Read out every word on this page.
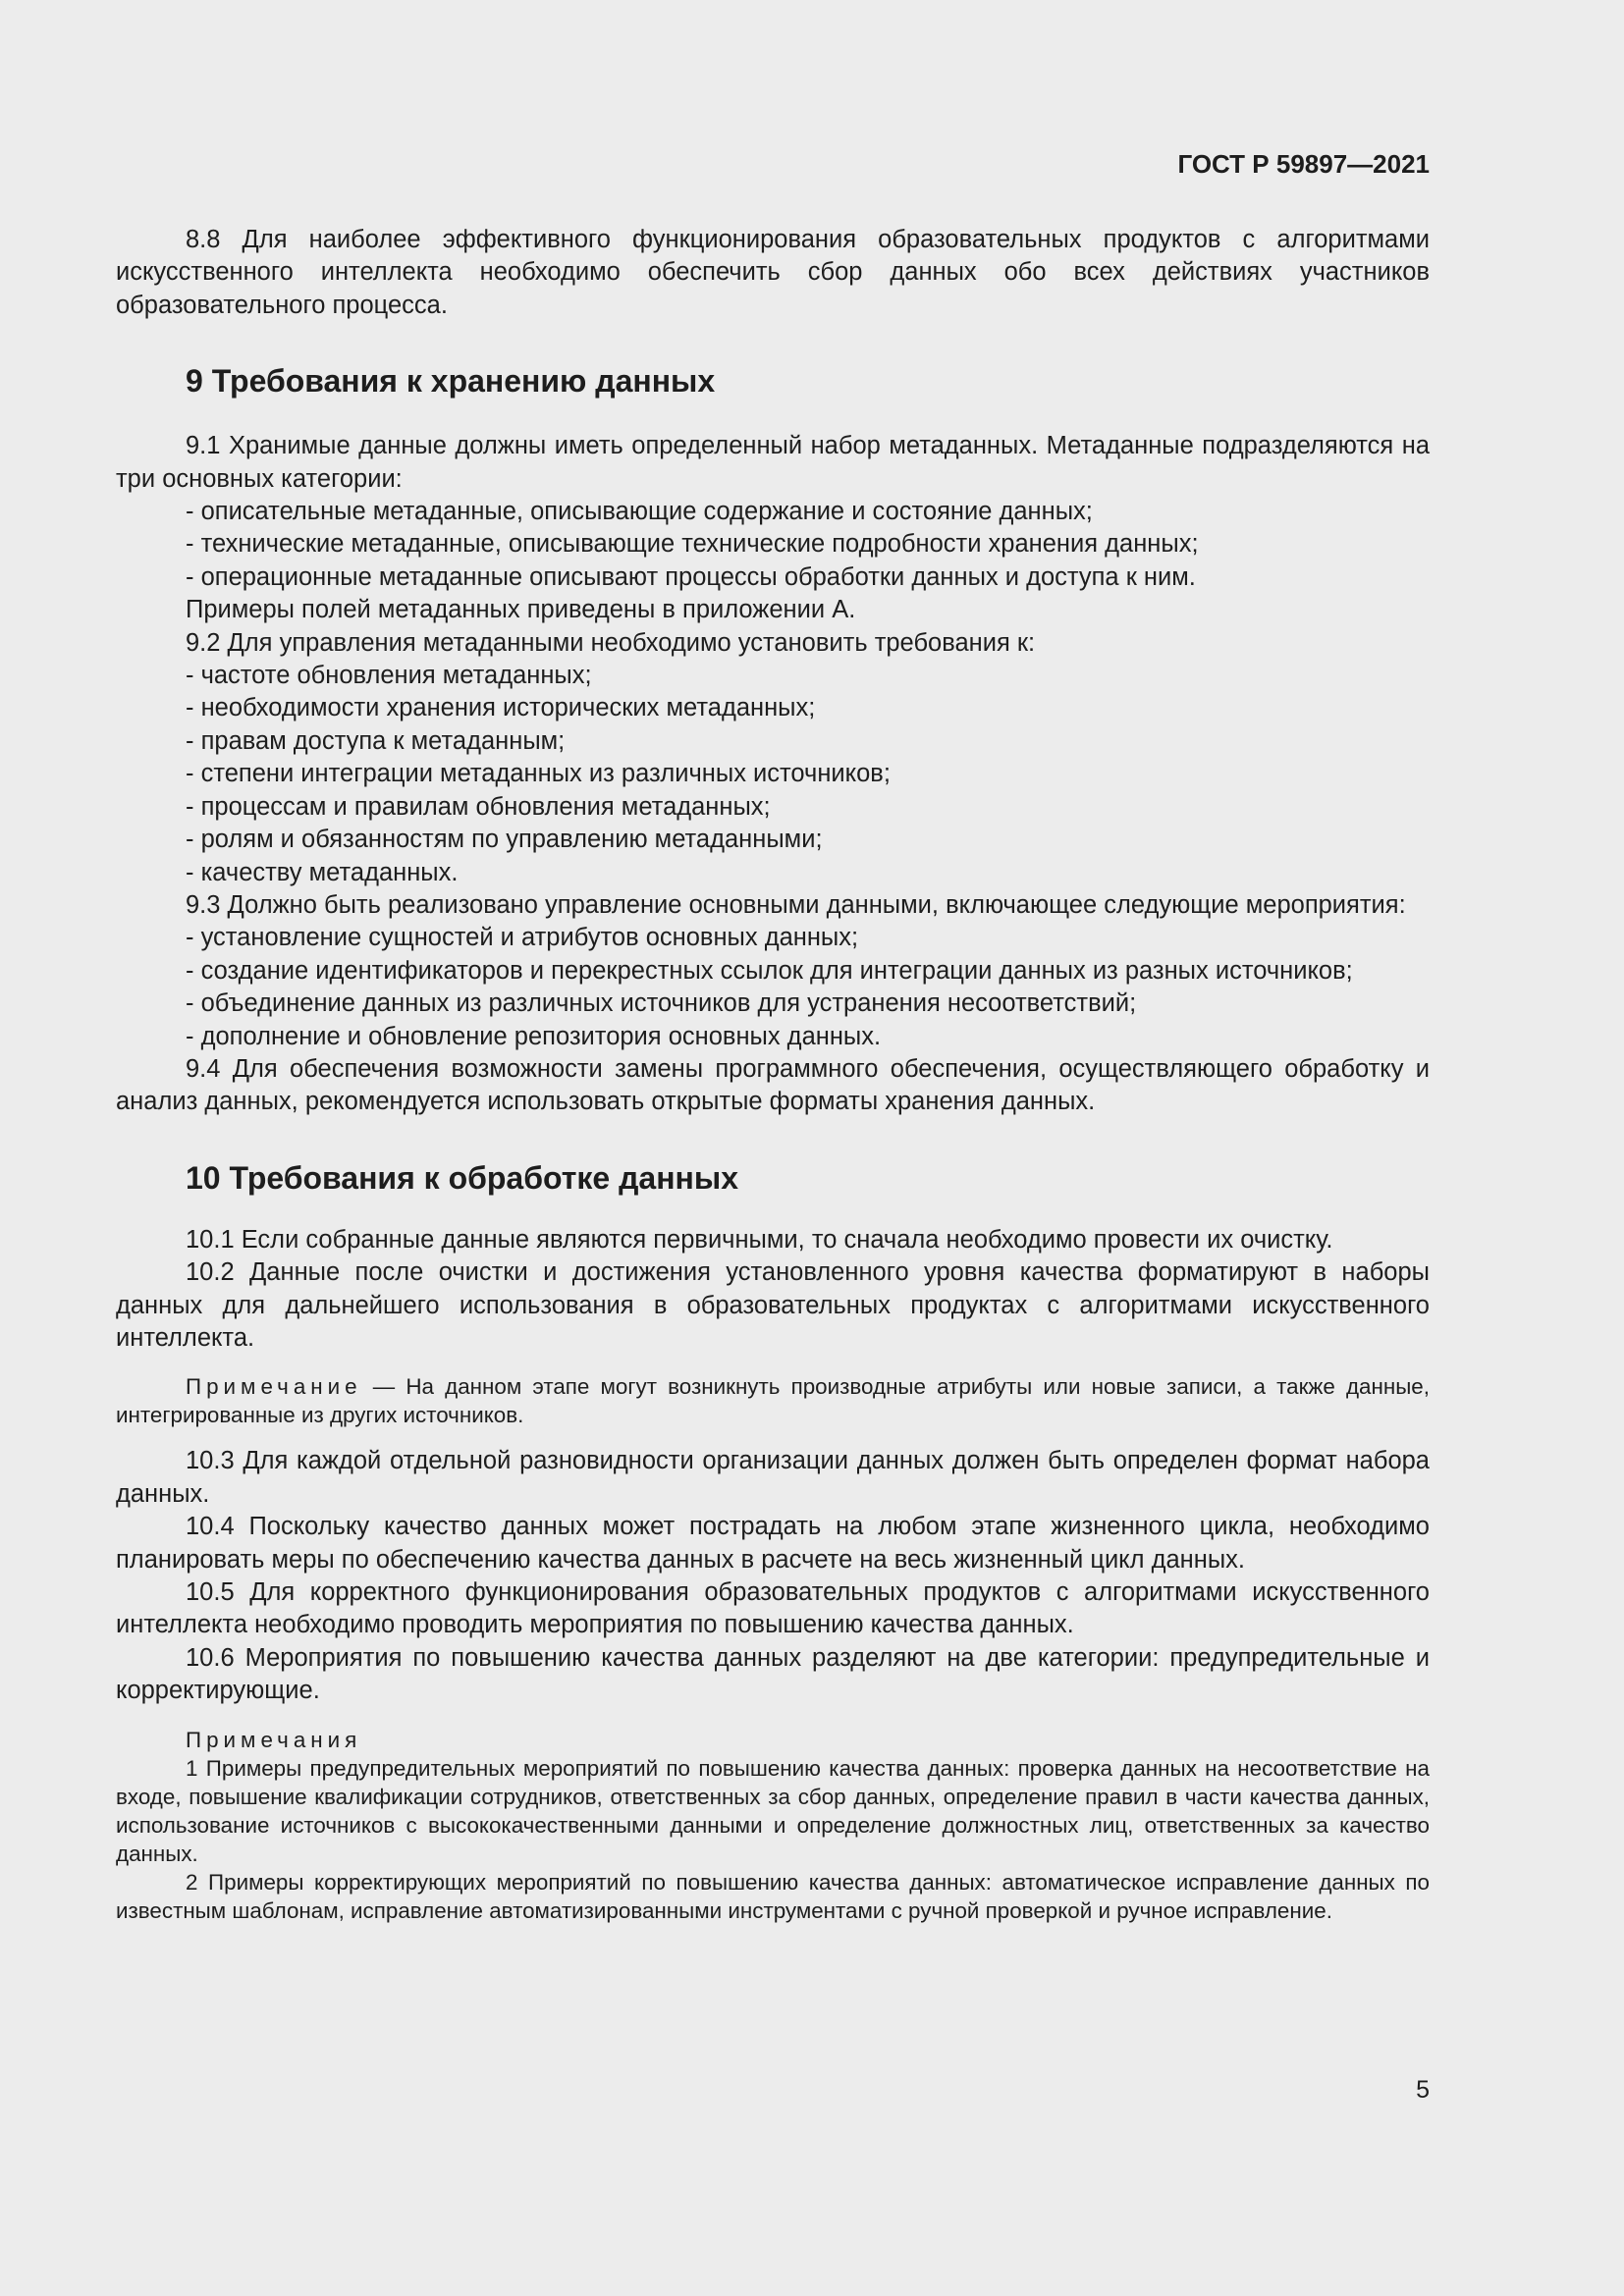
ГОСТ Р 59897—2021

8.8 Для наиболее эффективного функционирования образовательных продуктов с алгоритмами искусственного интеллекта необходимо обеспечить сбор данных обо всех действиях участников образовательного процесса.

9 Требования к хранению данных

9.1 Хранимые данные должны иметь определенный набор метаданных. Метаданные подразделяются на три основных категории:

- описательные метаданные, описывающие содержание и состояние данных;

- технические метаданные, описывающие технические подробности хранения данных;

- операционные метаданные описывают процессы обработки данных и доступа к ним.

Примеры полей метаданных приведены в приложении А.

9.2 Для управления метаданными необходимо установить требования к:

- частоте обновления метаданных;

- необходимости хранения исторических метаданных;

- правам доступа к метаданным;

- степени интеграции метаданных из различных источников;

- процессам и правилам обновления метаданных;

- ролям и обязанностям по управлению метаданными;

- качеству метаданных.

9.3 Должно быть реализовано управление основными данными, включающее следующие мероприятия:

- установление сущностей и атрибутов основных данных;

- создание идентификаторов и перекрестных ссылок для интеграции данных из разных источников;

- объединение данных из различных источников для устранения несоответствий;

- дополнение и обновление репозитория основных данных.

9.4 Для обеспечения возможности замены программного обеспечения, осуществляющего обработку и анализ данных, рекомендуется использовать открытые форматы хранения данных.

10 Требования к обработке данных

10.1 Если собранные данные являются первичными, то сначала необходимо провести их очистку.

10.2 Данные после очистки и достижения установленного уровня качества форматируют в наборы данных для дальнейшего использования в образовательных продуктах с алгоритмами искусственного интеллекта.

Примечание — На данном этапе могут возникнуть производные атрибуты или новые записи, а также данные, интегрированные из других источников.

10.3 Для каждой отдельной разновидности организации данных должен быть определен формат набора данных.

10.4 Поскольку качество данных может пострадать на любом этапе жизненного цикла, необходимо планировать меры по обеспечению качества данных в расчете на весь жизненный цикл данных.

10.5 Для корректного функционирования образовательных продуктов с алгоритмами искусственного интеллекта необходимо проводить мероприятия по повышению качества данных.

10.6 Мероприятия по повышению качества данных разделяют на две категории: предупредительные и корректирующие.

Примечания

1 Примеры предупредительных мероприятий по повышению качества данных: проверка данных на несоответствие на входе, повышение квалификации сотрудников, ответственных за сбор данных, определение правил в части качества данных, использование источников с высококачественными данными и определение должностных лиц, ответственных за качество данных.

2 Примеры корректирующих мероприятий по повышению качества данных: автоматическое исправление данных по известным шаблонам, исправление автоматизированными инструментами с ручной проверкой и ручное исправление.

5
